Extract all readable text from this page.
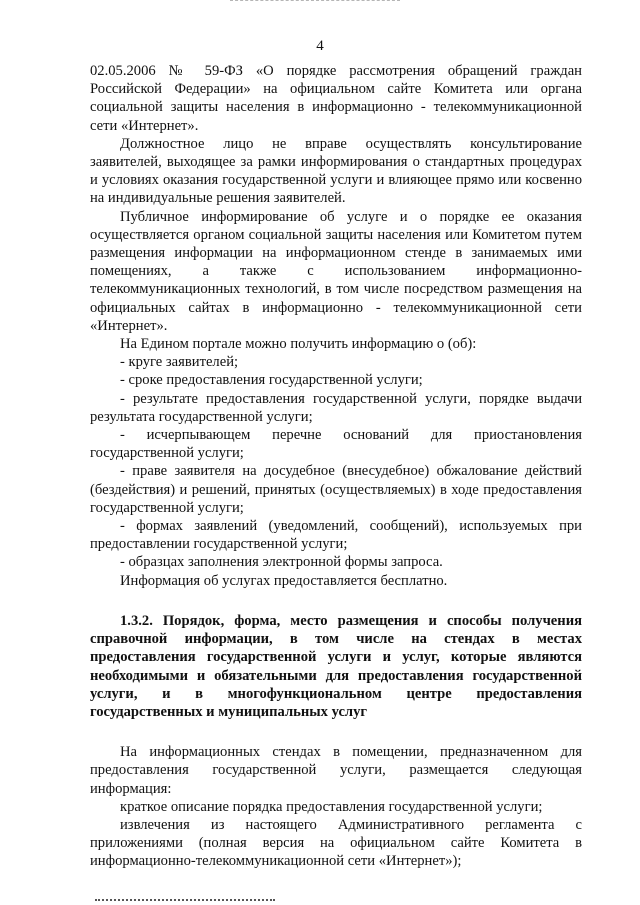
4

02.05.2006 № 59-ФЗ «О порядке рассмотрения обращений граждан Российской Федерации» на официальном сайте Комитета или органа социальной защиты населения в информационно - телекоммуникационной сети «Интернет».

Должностное лицо не вправе осуществлять консультирование заявителей, выходящее за рамки информирования о стандартных процедурах и условиях оказания государственной услуги и влияющее прямо или косвенно на индивидуальные решения заявителей.

Публичное информирование об услуге и о порядке ее оказания осуществляется органом социальной защиты населения или Комитетом путем размещения информации на информационном стенде в занимаемых ими помещениях, а также с использованием информационно-телекоммуникационных технологий, в том числе посредством размещения на официальных сайтах в информационно - телекоммуникационной сети «Интернет».

На Едином портале можно получить информацию о (об):

- круге заявителей;

- сроке предоставления государственной услуги;

- результате предоставления государственной услуги, порядке выдачи результата государственной услуги;

- исчерпывающем перечне оснований для приостановления государственной услуги;

- праве заявителя на досудебное (внесудебное) обжалование действий (бездействия) и решений, принятых (осуществляемых) в ходе предоставления государственной услуги;

- формах заявлений (уведомлений, сообщений), используемых при предоставлении государственной услуги;

- образцах заполнения электронной формы запроса.

Информация об услугах предоставляется бесплатно.

1.3.2. Порядок, форма, место размещения и способы получения справочной информации, в том числе на стендах в местах предоставления государственной услуги и услуг, которые являются необходимыми и обязательными для предоставления государственной услуги, и в многофункциональном центре предоставления государственных и муниципальных услуг

На информационных стендах в помещении, предназначенном для предоставления государственной услуги, размещается следующая информация:

краткое описание порядка предоставления государственной услуги;

извлечения из настоящего Административного регламента с приложениями (полная версия на официальном сайте Комитета в информационно-телекоммуникационной сети «Интернет»);
